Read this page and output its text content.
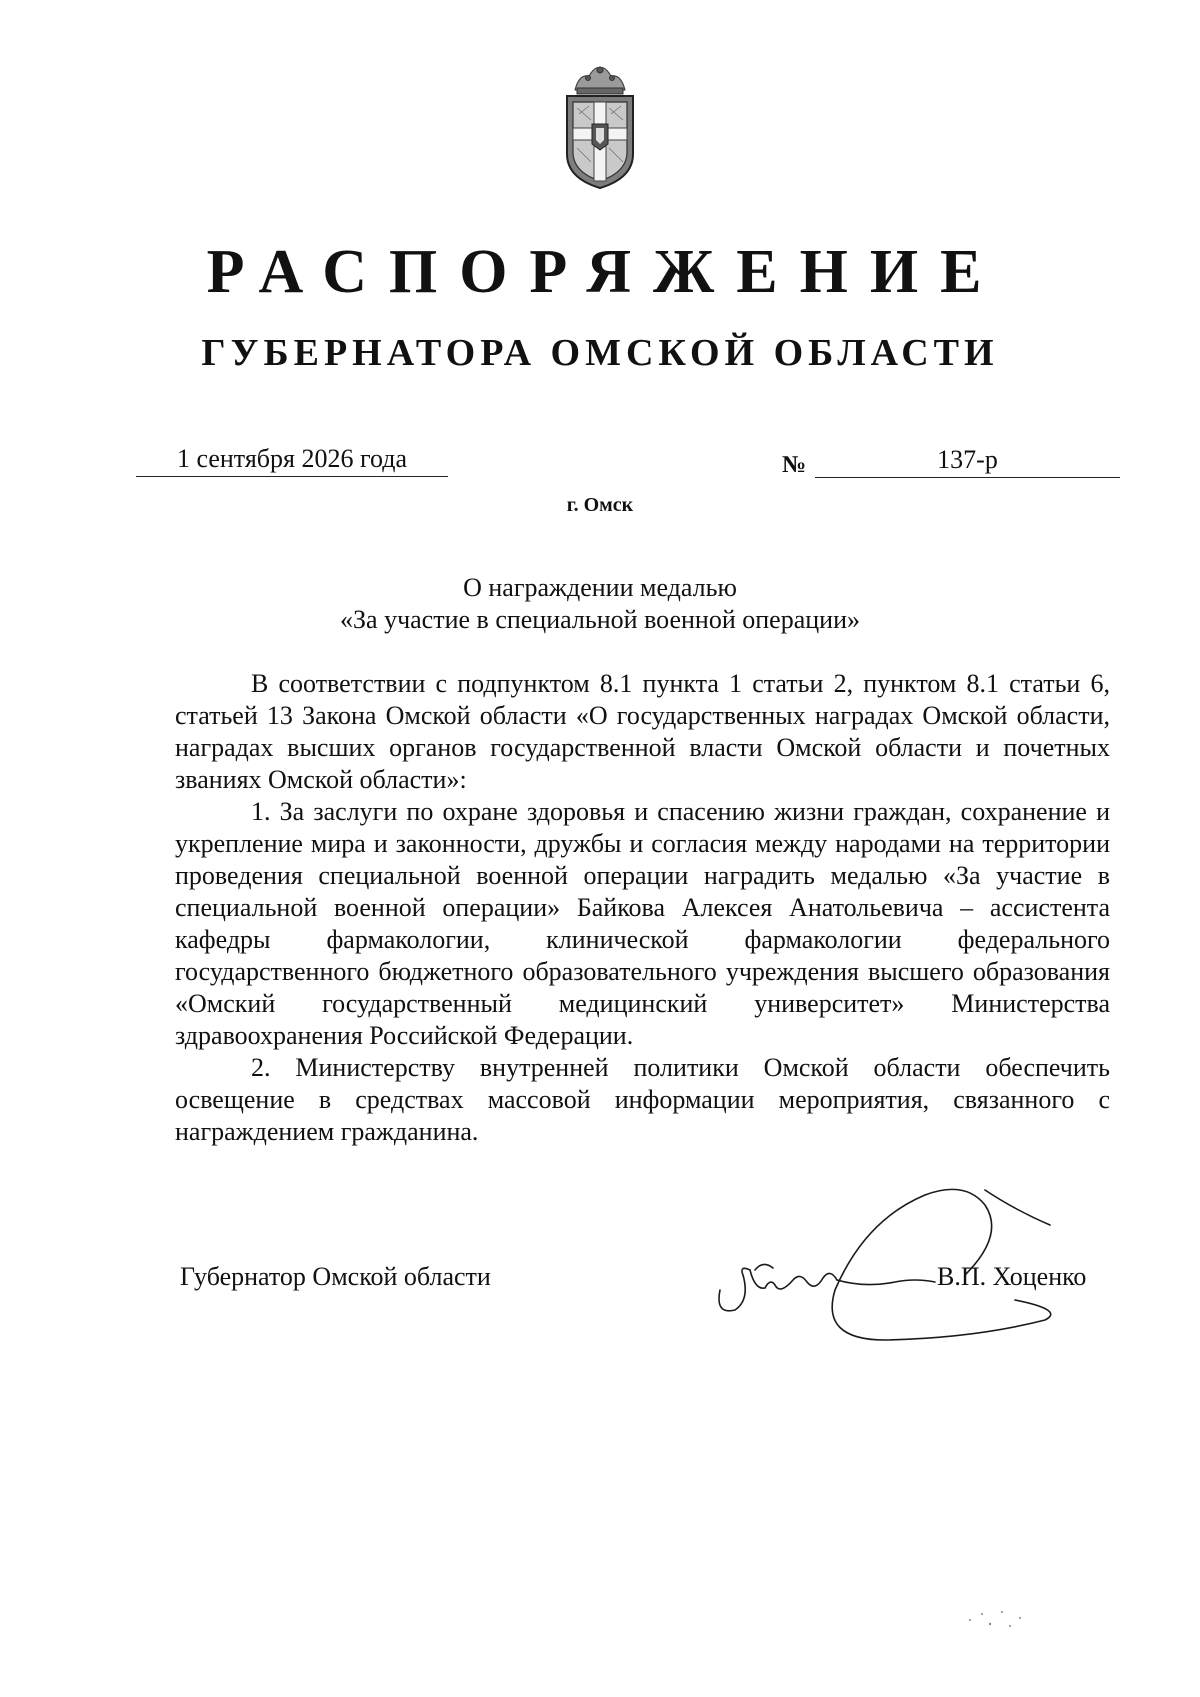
РАСПОРЯЖЕНИЕ
ГУБЕРНАТОРА ОМСКОЙ ОБЛАСТИ
1 сентября 2026 года	№	137-р
г. Омск
О награждении медалью
«За участие в специальной военной операции»

В соответствии с подпунктом 8.1 пункта 1 статьи 2, пунктом 8.1 статьи 6, статьей 13 Закона Омской области «О государственных наградах Омской области, наградах высших органов государственной власти Омской области и почетных званиях Омской области»:

1. За заслуги по охране здоровья и спасению жизни граждан, сохранение и укрепление мира и законности, дружбы и согласия между народами на территории проведения специальной военной операции наградить медалью «За участие в специальной военной операции» Байкова Алексея Анатольевича – ассистента кафедры фармакологии, клинической фармакологии федерального государственного бюджетного образовательного учреждения высшего образования «Омский государственный медицинский университет» Министерства здравоохранения Российской Федерации.

2. Министерству внутренней политики Омской области обеспечить освещение в средствах массовой информации мероприятия, связанного с награждением гражданина.

Губернатор Омской области	В.П. Хоценко
